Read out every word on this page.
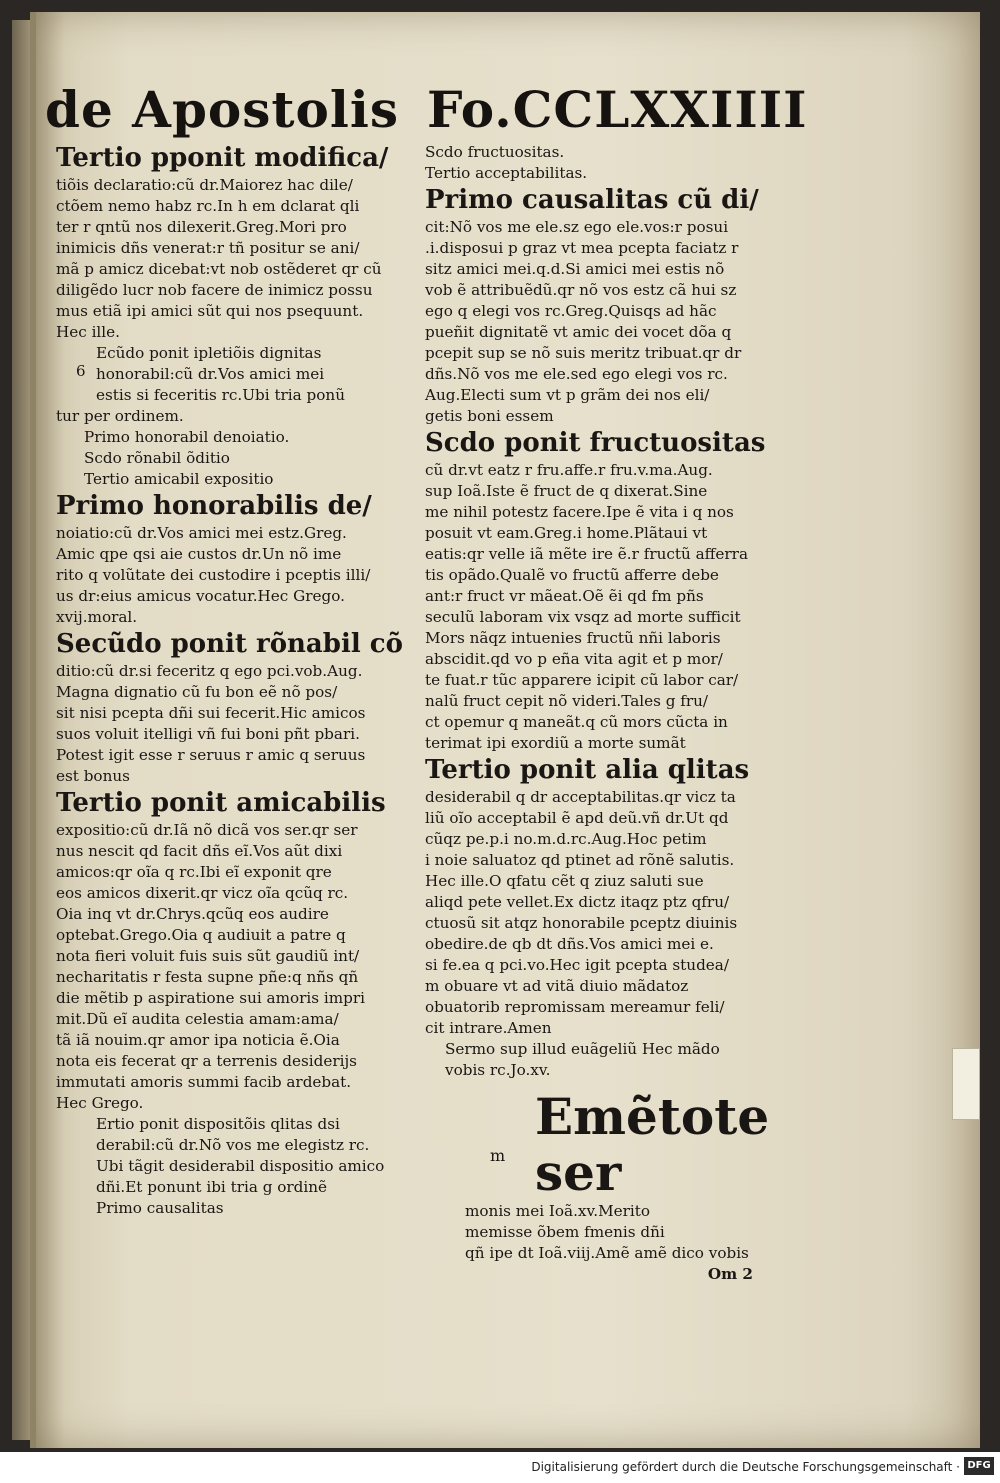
de Apostolis Fo.CCLXXIIII
6
m

Tertio pponit modifica/

tiõis declaratio:cũ dr.Maiorez hac dile/
ctõem nemo habz rc.In h em dclarat qli
ter r qntũ nos dilexerit.Greg.Mori pro
inimicis dñs venerat:r tñ positur se ani/
mã p amicz dicebat:vt nob ostẽderet qr cũ
diligẽdo lucr nob facere de inimicz possu
mus etiã ipi amici sũt qui nos psequunt.
Hec ille.

Ecũdo ponit ipletiõis dignitas
honorabil:cũ dr.Vos amici mei
estis si feceritis rc.Ubi tria ponũ

tur per ordinem.

Primo honorabil denoiatio.
Scdo rõnabil õditio
Tertio amicabil expositio

Primo honorabilis de/

noiatio:cũ dr.Vos amici mei estz.Greg.
Amic qpe qsi aie custos dr.Un nõ ime
rito q volũtate dei custodire i pceptis illi/
us dr:eius amicus vocatur.Hec Grego.
xvij.moral.

Secũdo ponit rõnabil cõ

ditio:cũ dr.si feceritz q ego pci.vob.Aug.
Magna dignatio cũ fu bon eẽ nõ pos/
sit nisi pcepta dñi sui fecerit.Hic amicos
suos voluit itelligi vñ fui boni pñt pbari.
Potest igit esse r seruus r amic q seruus
est bonus

Tertio ponit amicabilis

expositio:cũ dr.Iã nõ dicã vos ser.qr ser
nus nescit qd facit dñs eĩ.Vos aũt dixi
amicos:qr oĩa q rc.Ibi eĩ exponit qre
eos amicos dixerit.qr vicz oĩa qcũq rc.
Oia inq vt dr.Chrys.qcũq eos audire
optebat.Grego.Oia q audiuit a patre q
nota fieri voluit fuis suis sũt gaudiũ int/
necharitatis r festa supne pñe:q nñs qñ
die mẽtib p aspiratione sui amoris impri
mit.Dũ eĩ audita celestia amam:ama/
tã iã nouim.qr amor ipa noticia ẽ.Oia
nota eis fecerat qr a terrenis desiderijs
immutati amoris summi facib ardebat.
Hec Grego.

Ertio ponit dispositõis qlitas dsi
derabil:cũ dr.Nõ vos me elegistz rc.
Ubi tãgit desiderabil dispositio amico
dñi.Et ponunt ibi tria g ordinẽ
Primo causalitas

Scdo fructuositas.
Tertio acceptabilitas.

Primo causalitas cũ di/

cit:Nõ vos me ele.sz ego ele.vos:r posui
.i.disposui p graz vt mea pcepta faciatz r
sitz amici mei.q.d.Si amici mei estis nõ
vob ẽ attribuẽdũ.qr nõ vos estz cã hui sz
ego q elegi vos rc.Greg.Quisqs ad hãc
pueñit dignitatẽ vt amic dei vocet dõa q
pcepit sup se nõ suis meritz tribuat.qr dr
dñs.Nõ vos me ele.sed ego elegi vos rc.
Aug.Electi sum vt p grãm dei nos eli/
getis boni essem

Scdo ponit fructuositas

cũ dr.vt eatz r fru.affe.r fru.v.ma.Aug.
sup Ioã.Iste ẽ fruct de q dixerat.Sine
me nihil potestz facere.Ipe ẽ vita i q nos
posuit vt eam.Greg.i home.Plãtaui vt
eatis:qr velle iã mẽte ire ẽ.r fructũ afferra
tis opãdo.Qualẽ vo fructũ afferre debe
ant:r fruct vr mãeat.Oẽ ẽi qd fm pñs
seculũ laboram vix vsqz ad morte sufficit
Mors nãqz intuenies fructũ nñi laboris
abscidit.qd vo p eña vita agit et p mor/
te fuat.r tũc apparere icipit cũ labor car/
nalũ fruct cepit nõ videri.Tales g fru/
ct opemur q maneãt.q cũ mors cũcta in
terimat ipi exordiũ a morte sumãt

Tertio ponit alia qlitas

desiderabil q dr acceptabilitas.qr vicz ta
liũ oĩo acceptabil ẽ apd deũ.vñ dr.Ut qd
cũqz pe.p.i no.m.d.rc.Aug.Hoc petim
i noie saluatoz qd ptinet ad rõnẽ salutis.
Hec ille.O qfatu cẽt q ziuz saluti sue
aliqd pete vellet.Ex dictz itaqz ptz qfru/
ctuosũ sit atqz honorabile pceptz diuinis
obedire.de qb dt dñs.Vos amici mei e.
si fe.ea q pci.vo.Hec igit pcepta studea/
m obuare vt ad vitã diuio mãdatoz
obuatorib repromissam mereamur feli/
cit intrare.Amen

Sermo sup illud euãgeliũ Hec mãdo
vobis rc.Jo.xv.

Emẽtote ser

monis mei Ioã.xv.Merito
memisse õbem fmenis dñi
qñ ipe dt Ioã.viij.Amẽ amẽ dico vobis

Om 2

Digitalisierung gefördert durch die Deutsche Forschungsgemeinschaft · DFG
